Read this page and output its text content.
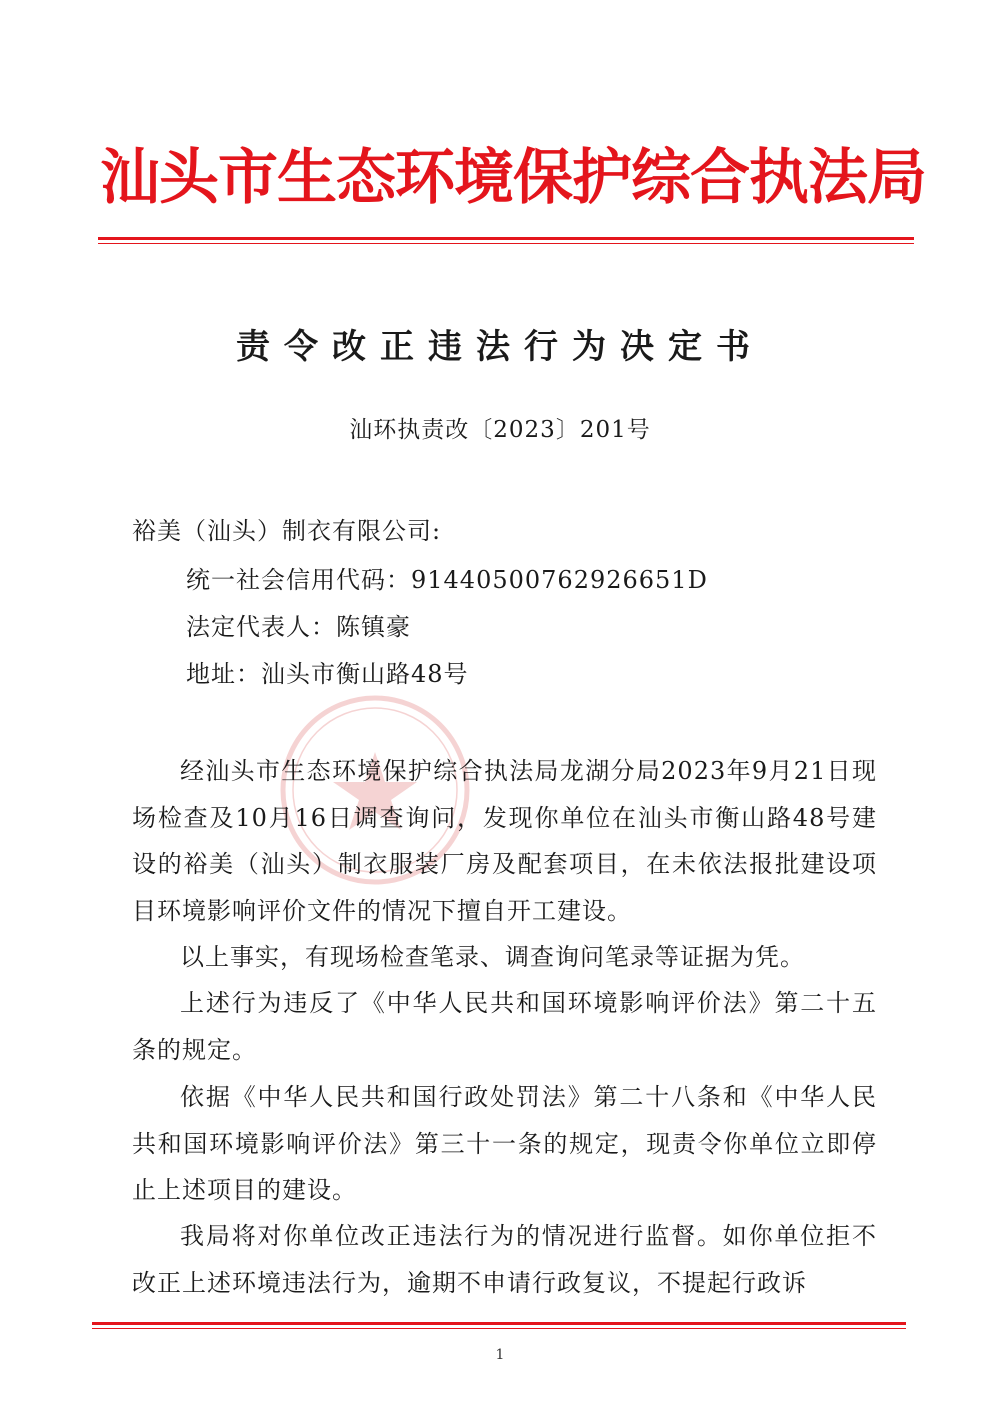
汕头市生态环境保护综合执法局
责令改正违法行为决定书
汕环执责改〔2023〕201号
裕美（汕头）制衣有限公司:
统一社会信用代码：91440500762926651D
法定代表人：陈镇豪
地址：汕头市衡山路48号

经汕头市生态环境保护综合执法局龙湖分局2023年9月21日现场检查及10月16日调查询问，发现你单位在汕头市衡山路48号建设的裕美（汕头）制衣服装厂房及配套项目，在未依法报批建设项目环境影响评价文件的情况下擅自开工建设。

以上事实，有现场检查笔录、调查询问笔录等证据为凭。

上述行为违反了《中华人民共和国环境影响评价法》第二十五条的规定。

依据《中华人民共和国行政处罚法》第二十八条和《中华人民共和国环境影响评价法》第三十一条的规定，现责令你单位立即停止上述项目的建设。

我局将对你单位改正违法行为的情况进行监督。如你单位拒不改正上述环境违法行为，逾期不申请行政复议，不提起行政诉

1
